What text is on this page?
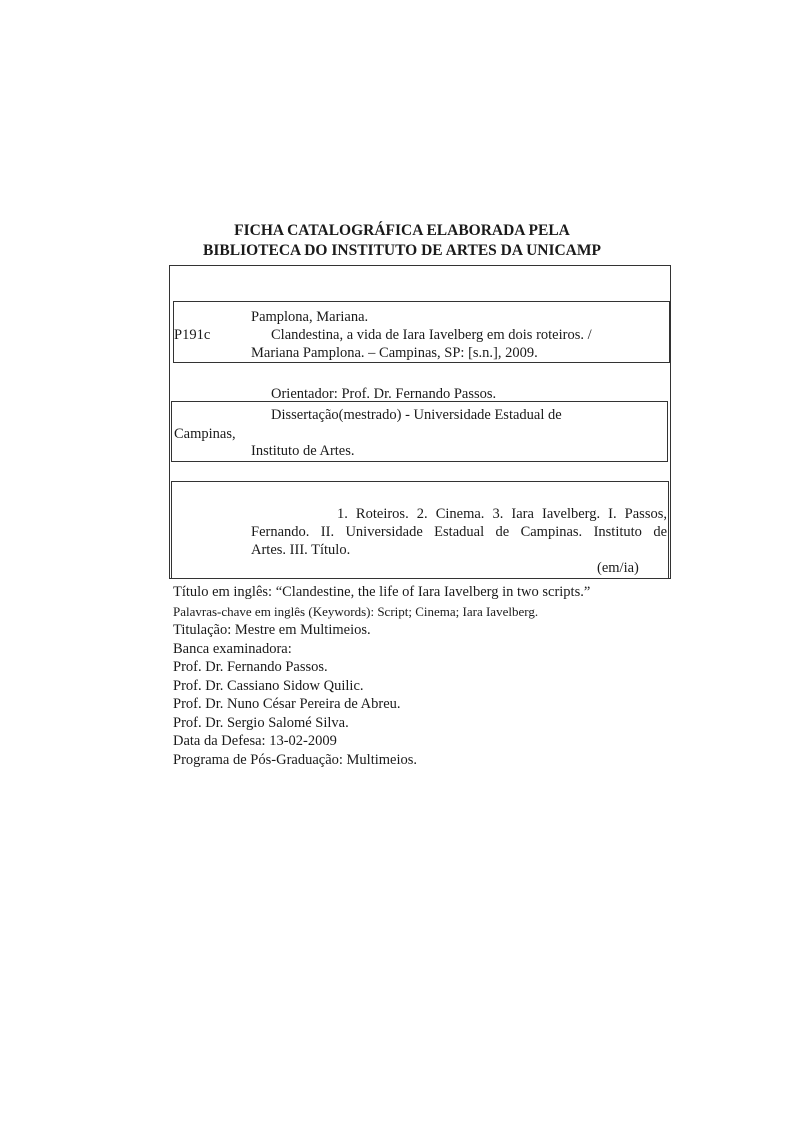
FICHA CATALOGRÁFICA ELABORADA PELA
BIBLIOTECA DO INSTITUTO DE ARTES DA UNICAMP
Pamplona, Mariana.
P191c	Clandestina, a vida de Iara Iavelberg em dois roteiros. /
Mariana Pamplona. – Campinas, SP: [s.n.], 2009.
Orientador: Prof. Dr. Fernando Passos.
Dissertação(mestrado) - Universidade Estadual de
Campinas,
Instituto de Artes.
1. Roteiros. 2. Cinema. 3. Iara Iavelberg. I. Passos,
Fernando. II. Universidade Estadual de Campinas. Instituto de
Artes. III. Título.
(em/ia)
Título em inglês: “Clandestine, the life of Iara Iavelberg in two scripts.”
Palavras-chave em inglês (Keywords): Script; Cinema; Iara Iavelberg.
Titulação: Mestre em Multimeios.
Banca examinadora:
Prof. Dr. Fernando Passos.
Prof. Dr. Cassiano Sidow Quilic.
Prof. Dr. Nuno César Pereira de Abreu.
Prof. Dr. Sergio Salomé Silva.
Data da Defesa: 13-02-2009
Programa de Pós-Graduação: Multimeios.
